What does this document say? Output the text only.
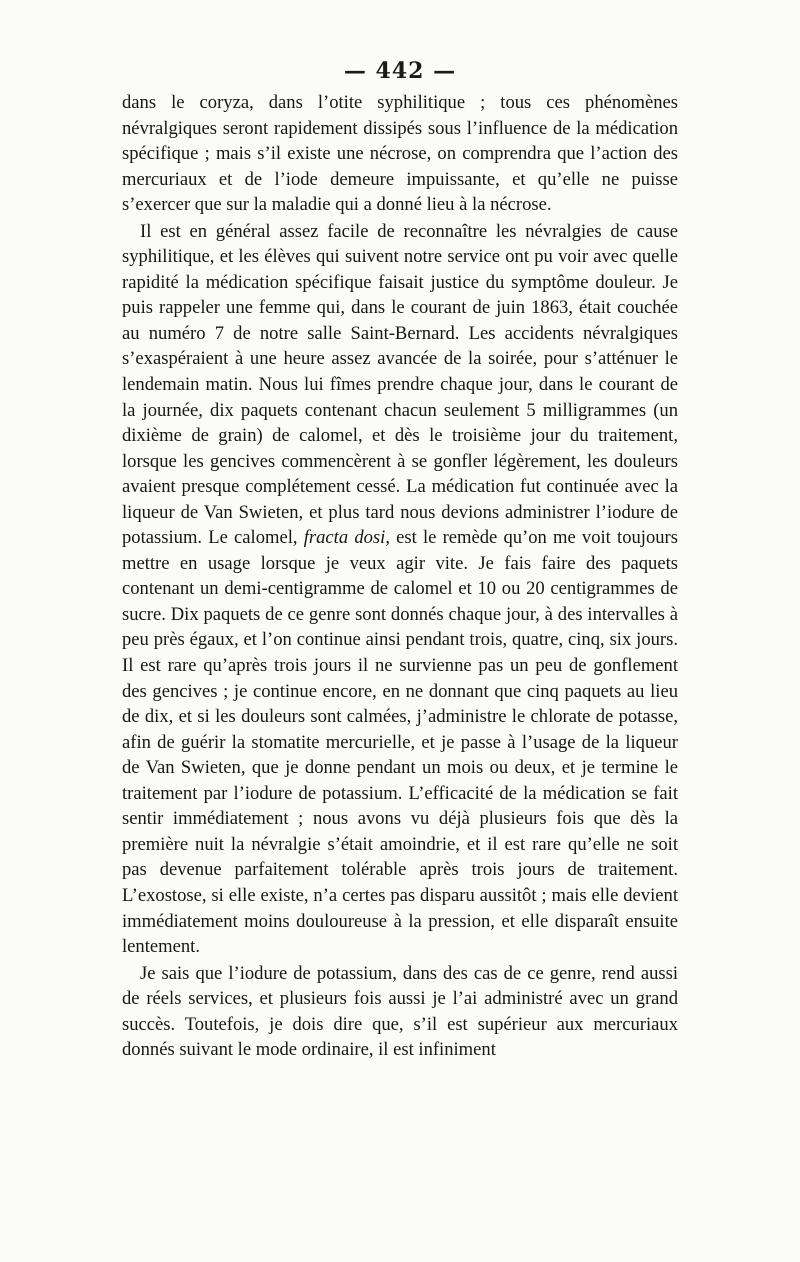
— 442 —

dans le coryza, dans l’otite syphilitique ; tous ces phénomènes névralgiques seront rapidement dissipés sous l’influence de la médication spécifique ; mais s’il existe une nécrose, on comprendra que l’action des mercuriaux et de l’iode demeure impuissante, et qu’elle ne puisse s’exercer que sur la maladie qui a donné lieu à la nécrose.

Il est en général assez facile de reconnaître les névralgies de cause syphilitique, et les élèves qui suivent notre service ont pu voir avec quelle rapidité la médication spécifique faisait justice du symptôme douleur. Je puis rappeler une femme qui, dans le courant de juin 1863, était couchée au numéro 7 de notre salle Saint-Bernard. Les accidents névralgiques s’exaspéraient à une heure assez avancée de la soirée, pour s’atténuer le lendemain matin. Nous lui fîmes prendre chaque jour, dans le courant de la journée, dix paquets contenant chacun seulement 5 milligrammes (un dixième de grain) de calomel, et dès le troisième jour du traitement, lorsque les gencives commencèrent à se gonfler légèrement, les douleurs avaient presque complétement cessé. La médication fut continuée avec la liqueur de Van Swieten, et plus tard nous devions administrer l’iodure de potassium. Le calomel, fracta dosi, est le remède qu’on me voit toujours mettre en usage lorsque je veux agir vite. Je fais faire des paquets contenant un demi-centigramme de calomel et 10 ou 20 centigrammes de sucre. Dix paquets de ce genre sont donnés chaque jour, à des intervalles à peu près égaux, et l’on continue ainsi pendant trois, quatre, cinq, six jours. Il est rare qu’après trois jours il ne survienne pas un peu de gonflement des gencives ; je continue encore, en ne donnant que cinq paquets au lieu de dix, et si les douleurs sont calmées, j’administre le chlorate de potasse, afin de guérir la stomatite mercurielle, et je passe à l’usage de la liqueur de Van Swieten, que je donne pendant un mois ou deux, et je termine le traitement par l’iodure de potassium. L’efficacité de la médication se fait sentir immédiatement ; nous avons vu déjà plusieurs fois que dès la première nuit la névralgie s’était amoindrie, et il est rare qu’elle ne soit pas devenue parfaitement tolérable après trois jours de traitement. L’exostose, si elle existe, n’a certes pas disparu aussitôt ; mais elle devient immédiatement moins douloureuse à la pression, et elle disparaît ensuite lentement.

Je sais que l’iodure de potassium, dans des cas de ce genre, rend aussi de réels services, et plusieurs fois aussi je l’ai administré avec un grand succès. Toutefois, je dois dire que, s’il est supérieur aux mercuriaux donnés suivant le mode ordinaire, il est infiniment
